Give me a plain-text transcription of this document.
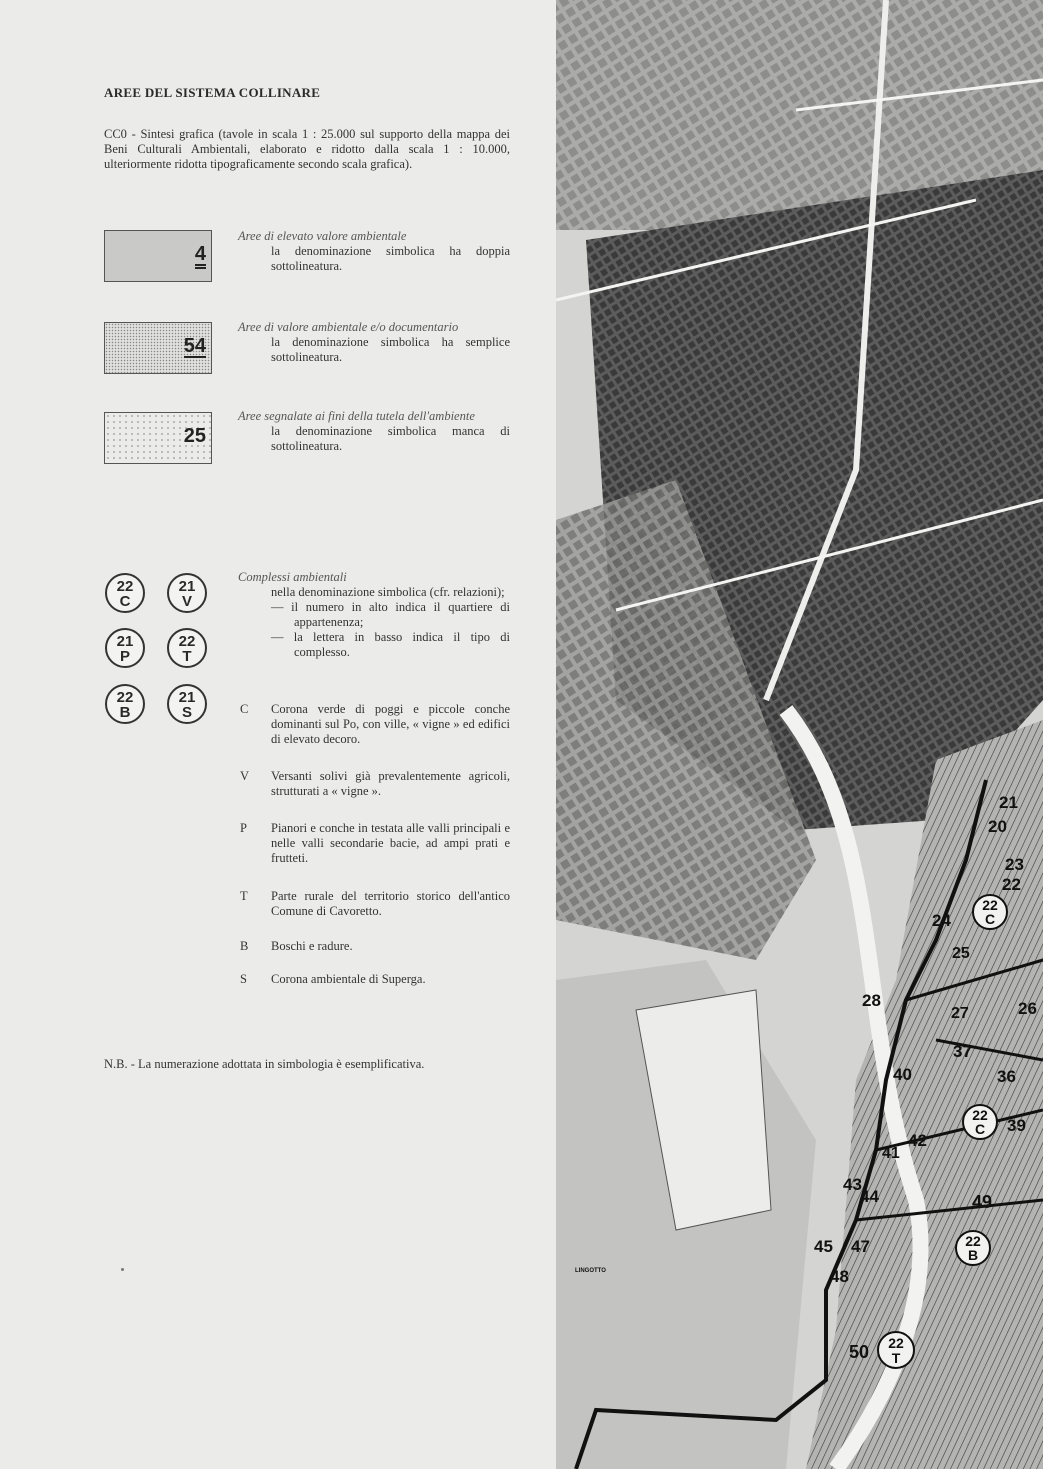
AREE DEL SISTEMA COLLINARE
CC0 - Sintesi grafica (tavole in scala 1 : 25.000 sul supporto della mappa dei Beni Culturali Ambientali, elaborato e ridotto dalla scala 1 : 10.000, ulteriormente ridotta tipograficamente secondo scala grafica).
4
Aree di elevato valore ambientale
la denominazione simbolica ha doppia sottolineatura.
54
Aree di valore ambientale e/o documentario
la denominazione simbolica ha semplice sottolineatura.
25
Aree segnalate ai fini della tutela dell'ambiente
la denominazione simbolica manca di sottolineatura.
22
C
21
V
21
P
22
T
22
B
21
S
Complessi ambientali
nella denominazione simbolica (cfr. relazioni);
— il numero in alto indica il quartiere di appartenenza;
— la lettera in basso indica il tipo di complesso.
C	Corona verde di poggi e piccole conche dominanti sul Po, con ville, « vigne » ed edifici di elevato decoro.
V	Versanti solivi già prevalentemente agricoli, strutturati a « vigne ».
P	Pianori e conche in testata alle valli principali e nelle valli secondarie bacie, ad ampi prati e frutteti.
T	Parte rurale del territorio storico dell'antico Comune di Cavoretto.
B	Boschi e radure.
S	Corona ambientale di Superga.
N.B. - La numerazione adottata in simbologia è esemplificativa.
21
20
23
22
24
25
28
27	26
37
40	36
39
42
41
43
44	49
45 47
48
50
LINGOTTO
22
C
22
C
22
B
22
T
